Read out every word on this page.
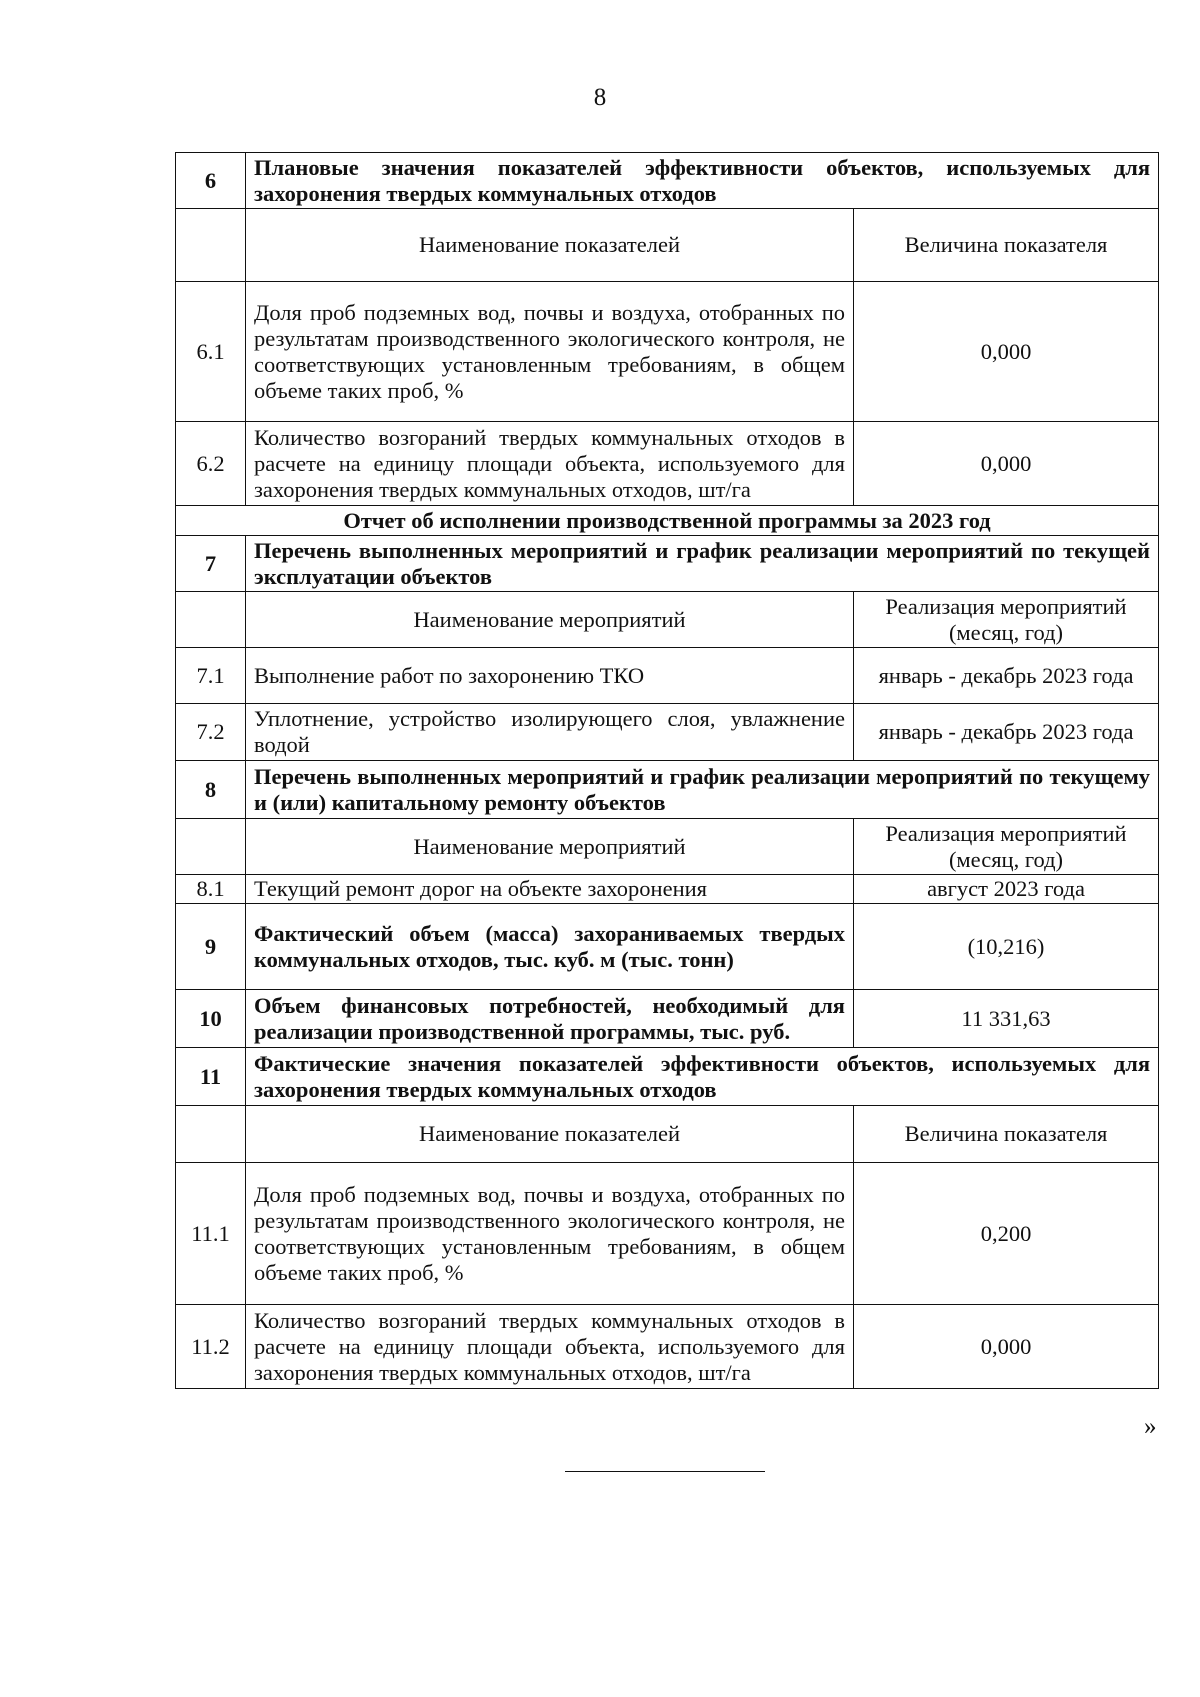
8
6	Плановые значения показателей эффективности объектов, используемых для захоронения твердых коммунальных отходов	
	Наименование показателей	Величина показателя
6.1	Доля проб подземных вод, почвы и воздуха, отобранных по результатам производственного экологического контроля, не соответствующих установленным требованиям, в общем объеме таких проб, %	0,000
6.2	Количество возгораний твердых коммунальных отходов в расчете на единицу площади объекта, используемого для захоронения твердых коммунальных отходов, шт/га	0,000
Отчет об исполнении производственной программы за 2023 год		
7	Перечень выполненных мероприятий и график реализации мероприятий по текущей эксплуатации объектов	
	Наименование мероприятий	Реализация мероприятий (месяц, год)
7.1	Выполнение работ по захоронению ТКО	январь - декабрь 2023 года
7.2	Уплотнение, устройство изолирующего слоя, увлажнение водой	январь - декабрь 2023 года
8	Перечень выполненных мероприятий и график реализации мероприятий по текущему и (или) капитальному ремонту объектов	
	Наименование мероприятий	Реализация мероприятий (месяц, год)
8.1	Текущий ремонт дорог на объекте захоронения	август 2023 года
9	Фактический объем (масса) захораниваемых твердых коммунальных отходов, тыс. куб. м (тыс. тонн)	(10,216)
10	Объем финансовых потребностей, необходимый для реализации производственной программы, тыс. руб.	11 331,63
11	Фактические значения показателей эффективности объектов, используемых для захоронения твердых коммунальных отходов	
	Наименование показателей	Величина показателя
11.1	Доля проб подземных вод, почвы и воздуха, отобранных по результатам производственного экологического контроля, не соответствующих установленным требованиям, в общем объеме таких проб, %	0,200
11.2	Количество возгораний твердых коммунальных отходов в расчете на единицу площади объекта, используемого для захоронения твердых коммунальных отходов, шт/га	0,000
»
